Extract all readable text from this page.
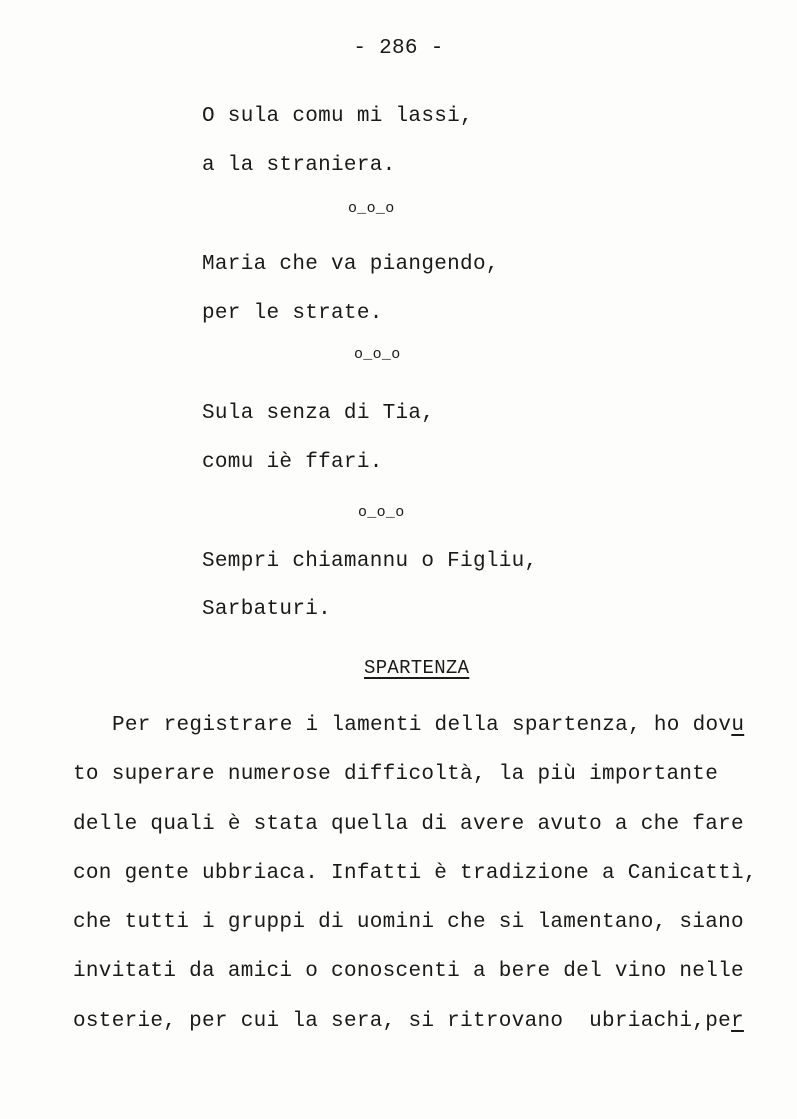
- 286 -
O sula comu mi lassi,
a la straniera.
o_o_o
Maria che va piangendo,
per le strate.
o_o_o
Sula senza di Tia,
comu iè ffari.
o_o_o
Sempri chiamannu o Figliu,
Sarbaturi.
SPARTENZA
Per registrare i lamenti della spartenza, ho dovu
to superare numerose difficoltà, la più importante
delle quali è stata quella di avere avuto a che fare
con gente ubbriaca. Infatti è tradizione a Canicattì,
che tutti i gruppi di uomini che si lamentano, siano
invitati da amici o conoscenti a bere del vino nelle
osterie, per cui la sera, si ritrovano  ubriachi,per
